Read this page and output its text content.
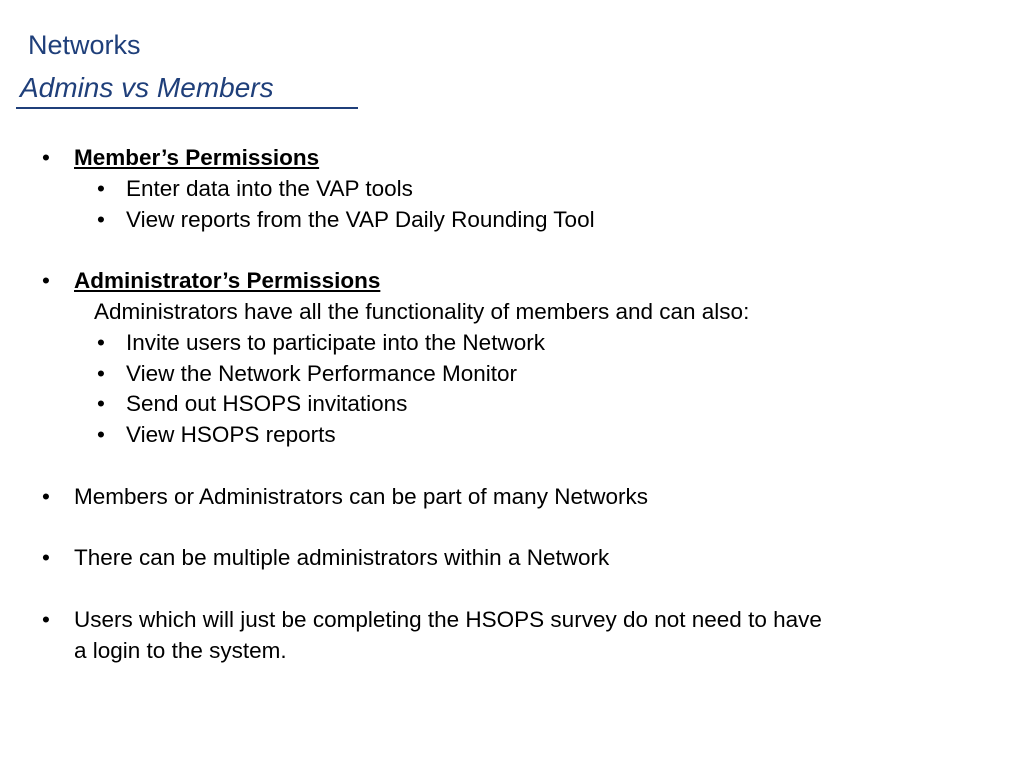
Networks
Admins vs Members
• Member’s Permissions
• Enter data into the VAP tools
• View reports from the VAP Daily Rounding Tool
• Administrator’s Permissions
Administrators have all the functionality of members and can also:
• Invite users to participate into the Network
• View the Network Performance Monitor
• Send out HSOPS invitations
• View HSOPS reports
• Members or Administrators can be part of many Networks
• There can be multiple administrators within a Network
• Users which will just be completing the HSOPS survey do not need to have
a login to the system.
